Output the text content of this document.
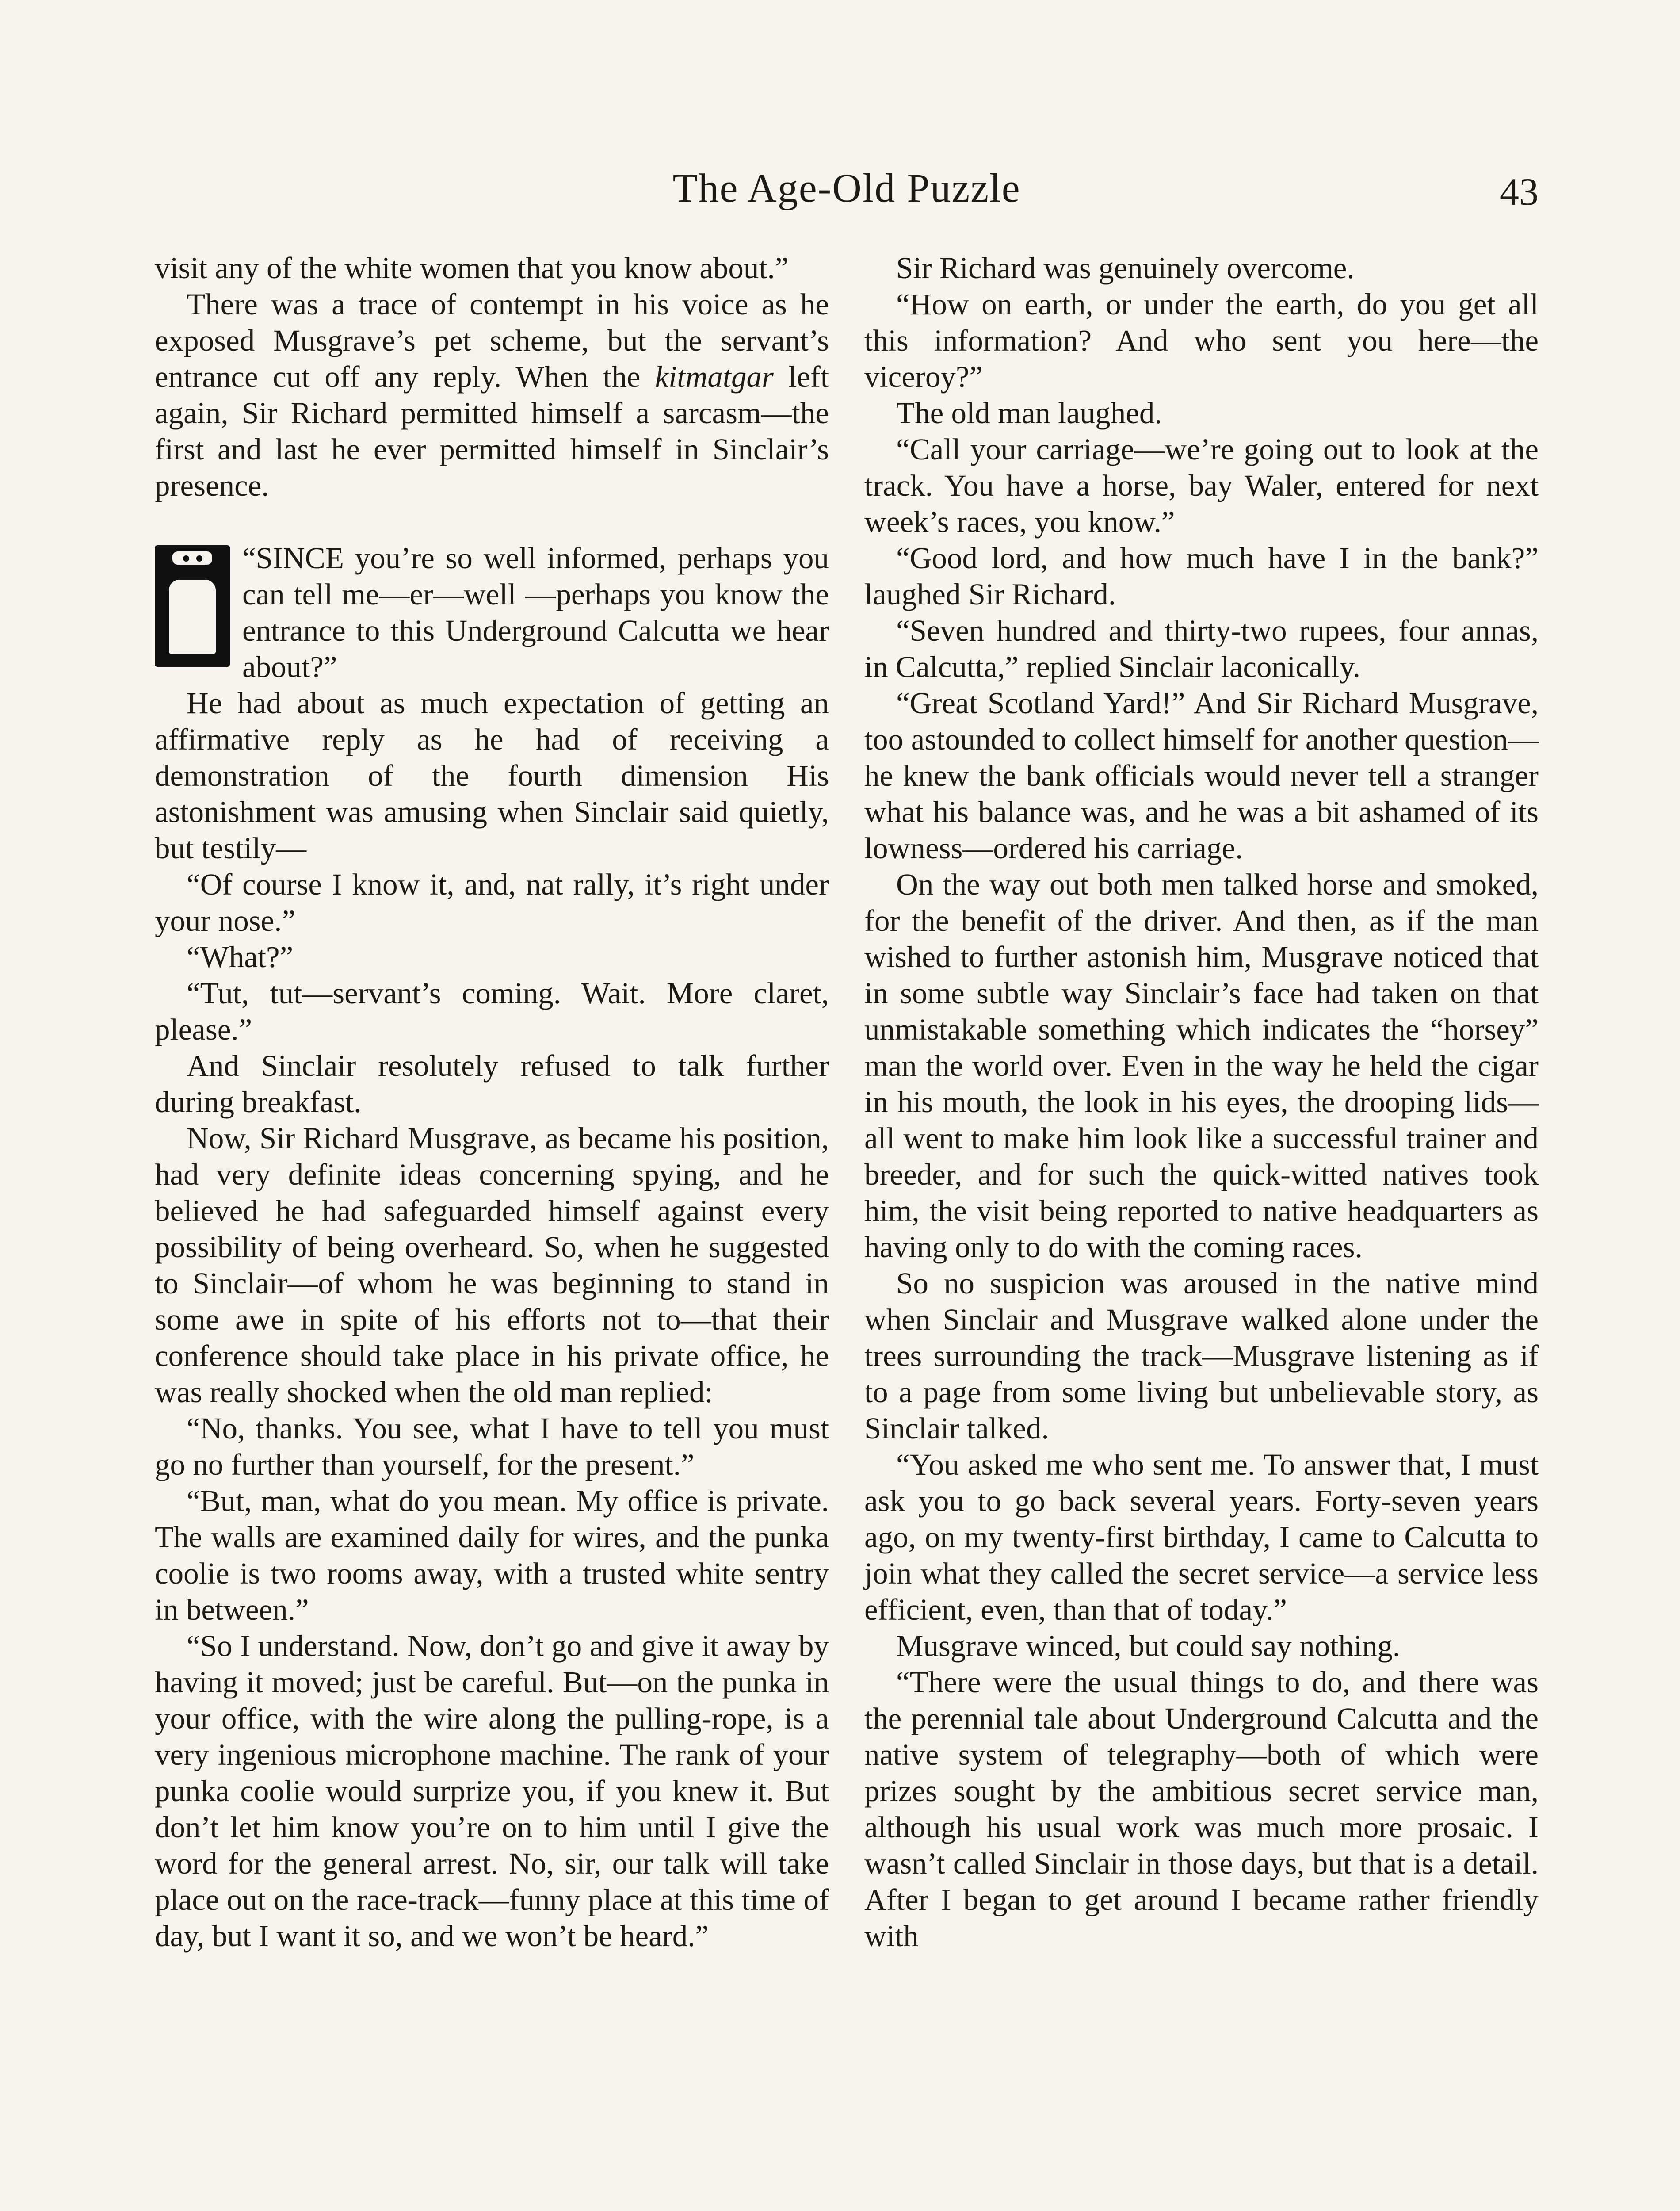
The Age-Old Puzzle	43

visit any of the white women that you know about.”

There was a trace of contempt in his voice as he exposed Musgrave’s pet scheme, but the servant’s entrance cut off any reply. When the kitmatgar left again, Sir Richard permitted himself a sarcasm—the first and last he ever permitted himself in Sinclair’s presence.

“SINCE you’re so well informed, perhaps you can tell me—er—well —perhaps you know the entrance to this Underground Calcutta we hear about?”

He had about as much expectation of getting an affirmative reply as he had of receiving a demonstration of the fourth dimension His astonishment was amusing when Sinclair said quietly, but testily—

“Of course I know it, and, nat rally, it’s right under your nose.”

“What?”

“Tut, tut—servant’s coming. Wait. More claret, please.”

And Sinclair resolutely refused to talk further during breakfast.

Now, Sir Richard Musgrave, as became his position, had very definite ideas concerning spying, and he believed he had safeguarded himself against every possibility of being overheard. So, when he suggested to Sinclair—of whom he was beginning to stand in some awe in spite of his efforts not to—that their conference should take place in his private office, he was really shocked when the old man replied:

“No, thanks. You see, what I have to tell you must go no further than yourself, for the present.”

“But, man, what do you mean. My office is private. The walls are examined daily for wires, and the punka coolie is two rooms away, with a trusted white sentry in between.”

“So I understand. Now, don’t go and give it away by having it moved; just be careful. But—on the punka in your office, with the wire along the pulling-rope, is a very ingenious microphone machine. The rank of your punka coolie would surprize you, if you knew it. But don’t let him know you’re on to him until I give the word for the general arrest. No, sir, our talk will take place out on the race-track—funny place at this time of day, but I want it so, and we won’t be heard.”

Sir Richard was genuinely overcome.

“How on earth, or under the earth, do you get all this information? And who sent you here—the viceroy?”

The old man laughed.

“Call your carriage—we’re going out to look at the track. You have a horse, bay Waler, entered for next week’s races, you know.”

“Good lord, and how much have I in the bank?” laughed Sir Richard.

“Seven hundred and thirty-two rupees, four annas, in Calcutta,” replied Sinclair laconically.

“Great Scotland Yard!” And Sir Richard Musgrave, too astounded to collect himself for another question—he knew the bank officials would never tell a stranger what his balance was, and he was a bit ashamed of its lowness—ordered his carriage.

On the way out both men talked horse and smoked, for the benefit of the driver. And then, as if the man wished to further astonish him, Musgrave noticed that in some subtle way Sinclair’s face had taken on that unmistakable something which indicates the “horsey” man the world over. Even in the way he held the cigar in his mouth, the look in his eyes, the drooping lids—all went to make him look like a successful trainer and breeder, and for such the quick-witted natives took him, the visit being reported to native headquarters as having only to do with the coming races.

So no suspicion was aroused in the native mind when Sinclair and Musgrave walked alone under the trees surrounding the track—Musgrave listening as if to a page from some living but unbelievable story, as Sinclair talked.

“You asked me who sent me. To answer that, I must ask you to go back several years. Forty-seven years ago, on my twenty-first birthday, I came to Calcutta to join what they called the secret service—a service less efficient, even, than that of today.”

Musgrave winced, but could say nothing.

“There were the usual things to do, and there was the perennial tale about Underground Calcutta and the native system of telegraphy—both of which were prizes sought by the ambitious secret service man, although his usual work was much more prosaic. I wasn’t called Sinclair in those days, but that is a detail. After I began to get around I became rather friendly with
